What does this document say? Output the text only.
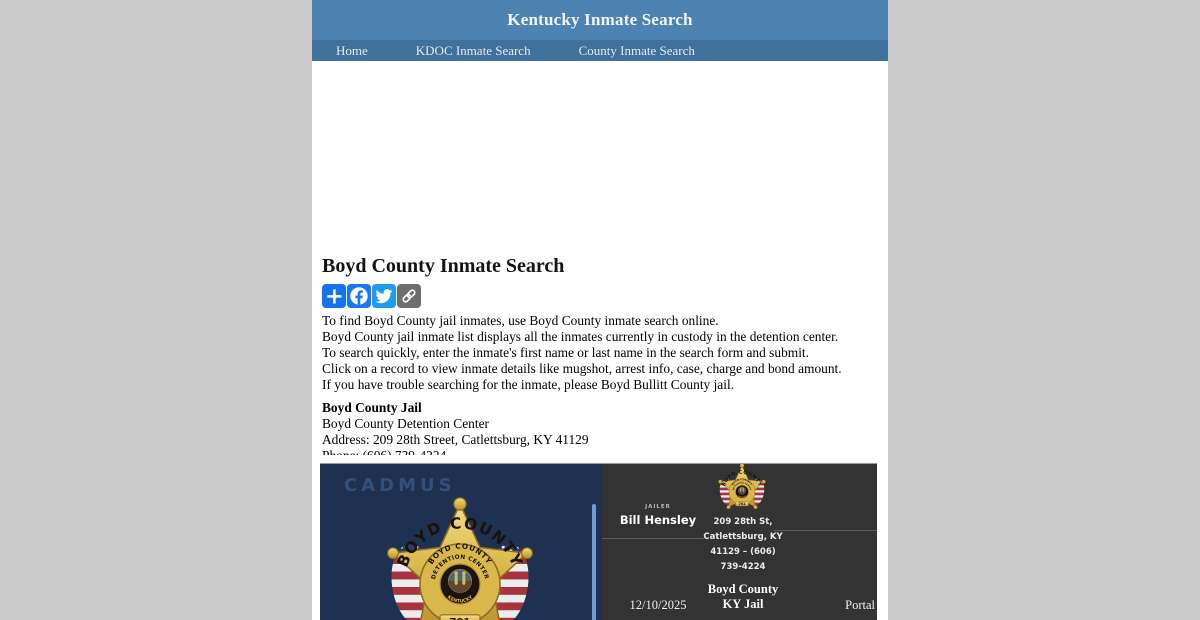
Kentucky Inmate Search
Home	KDOC Inmate Search	County Inmate Search
Boyd County Inmate Search

To find Boyd County jail inmates, use Boyd County inmate search online.

Boyd County jail inmate list displays all the inmates currently in custody in the detention center.

To search quickly, enter the inmate's first name or last name in the search form and submit.

Click on a record to view inmate details like mugshot, arrest info, case, charge and bond amount.

If you have trouble searching for the inmate, please Boyd Bullitt County jail.

Boyd County Jail

Boyd County Detention Center

Address: 209 28th Street, Catlettsburg, KY 41129

CADMUS
JAILER
Bill Hensley	209 28th St,
Catlettsburg, KY
41129 – (606)
739-4224
12/10/2025
Boyd County KY Jail	Portal
